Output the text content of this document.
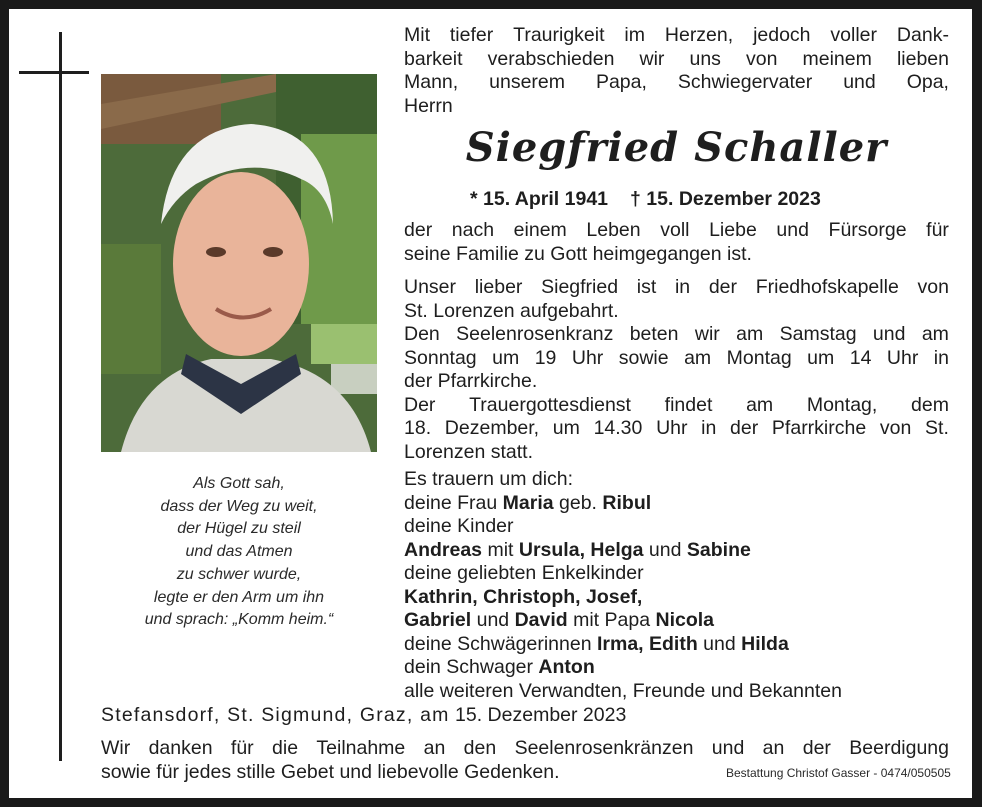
Als Gott sah,
dass der Weg zu weit,
der Hügel zu steil
und das Atmen
zu schwer wurde,
legte er den Arm um ihn
und sprach: „Komm heim.“
Mit tiefer Traurigkeit im Herzen, jedoch voller Dank-
barkeit verabschieden wir uns von meinem lieben
Mann, unserem Papa, Schwiegervater und Opa,
Herrn
Siegfried Schaller
* 15. April 1941 † 15. Dezember 2023
der nach einem Leben voll Liebe und Fürsorge für
seine Familie zu Gott heimgegangen ist.
Unser lieber Siegfried ist in der Friedhofskapelle von
St. Lorenzen aufgebahrt.
Den Seelenrosenkranz beten wir am Samstag und am
Sonntag um 19 Uhr sowie am Montag um 14 Uhr in
der Pfarrkirche.
Der Trauergottesdienst findet am Montag, dem
18. Dezember, um 14.30 Uhr in der Pfarrkirche von St.
Lorenzen statt.
Es trauern um dich:
deine Frau Maria geb. Ribul
deine Kinder
Andreas mit Ursula, Helga und Sabine
deine geliebten Enkelkinder
Kathrin, Christoph, Josef,
Gabriel und David mit Papa Nicola
deine Schwägerinnen Irma, Edith und Hilda
dein Schwager Anton
alle weiteren Verwandten, Freunde und Bekannten
Stefansdorf, St. Sigmund, Graz, am 15. Dezember 2023
Wir danken für die Teilnahme an den Seelenrosenkränzen und an der Beerdigung
sowie für jedes stille Gebet und liebevolle Gedenken.	Bestattung Christof Gasser - 0474/050505
